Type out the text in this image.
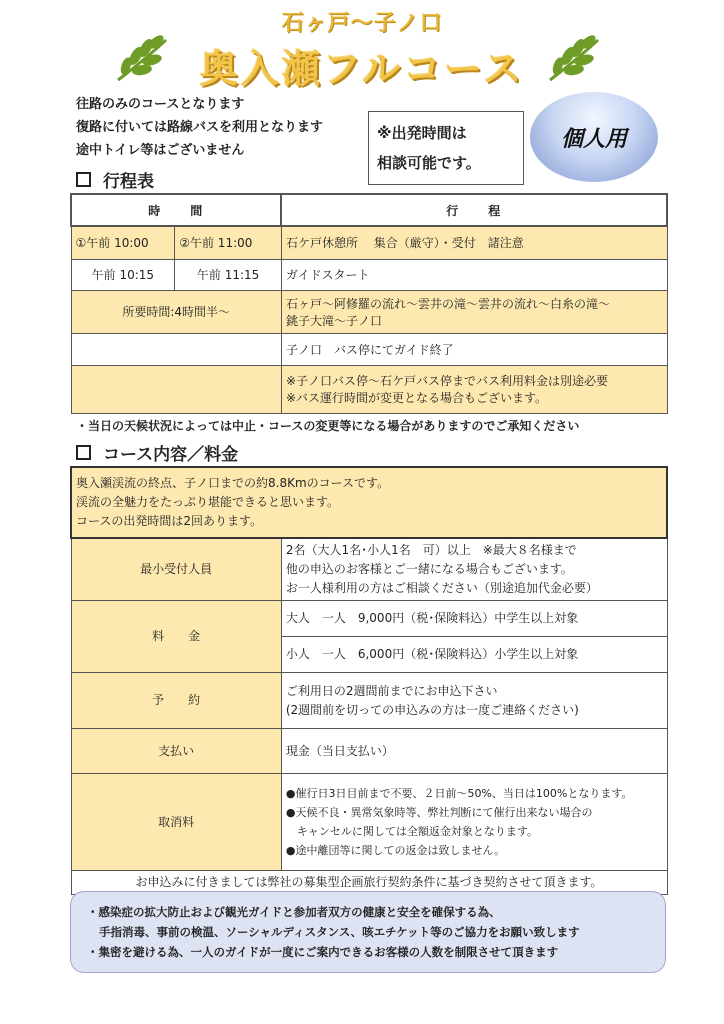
石ヶ戸〜子ノ口
奥入瀬フルコース
往路のみのコースとなります
復路に付いては路線バスを利用となります
途中トイレ等はございません
※出発時間は
相談可能です。
個人用
行程表
時　　間		行　　程
①午前 10:00	②午前 11:00	石ケ戸休憩所　 集合（厳守）・受付　諸注意
午前 10:15	午前 11:15	ガイドスタート
所要時間:4時間半〜		石ヶ戸〜阿修羅の流れ〜雲井の滝〜雲井の流れ〜白糸の滝〜
銚子大滝〜子ノ口

		子ノ口　バス停にてガイド終了

		※子ノ口バス停〜石ケ戸バス停までバス利用料金は別途必要
※バス運行時間が変更となる場合もございます。
・当日の天候状況によっては中止・コースの変更等になる場合がありますのでご承知ください
コース内容／料金
奥入瀬渓流の終点、子ノ口までの約8.8Kmのコースです。
渓流の全魅力をたっぷり堪能できると思います。
コースの出発時間は2回あります。	

最小受付人員	2名（大人1名･小人1名　可）以上　※最大８名様まで
他の申込のお客様とご一緒になる場合もございます。
お一人様利用の方はご相談ください（別途追加代金必要）

料　　金	大人　一人　9,000円（税･保険料込）中学生以上対象
	小人　一人　6,000円（税･保険料込）小学生以上対象
予　　約	ご利用日の2週間前までにお申込下さい
(2週間前を切っての申込みの方は一度ご連絡ください)

支払い	現金（当日支払い）
取消料	●催行日3日目前まで不要、２日前〜50%、当日は100%となります。
●天候不良・異常気象時等、弊社判断にて催行出来ない場合の
　キャンセルに関しては全額返金対象となります。
●途中離団等に関しての返金は致しません。

お申込みに付きましては弊社の募集型企画旅行契約条件に基づき契約させて頂きます。	
・感染症の拡大防止および観光ガイドと参加者双方の健康と安全を確保する為、
手指消毒、事前の検温、ソーシャルディスタンス、咳エチケット等のご協力をお願い致します
・集密を避ける為、一人のガイドが一度にご案内できるお客様の人数を制限させて頂きます
